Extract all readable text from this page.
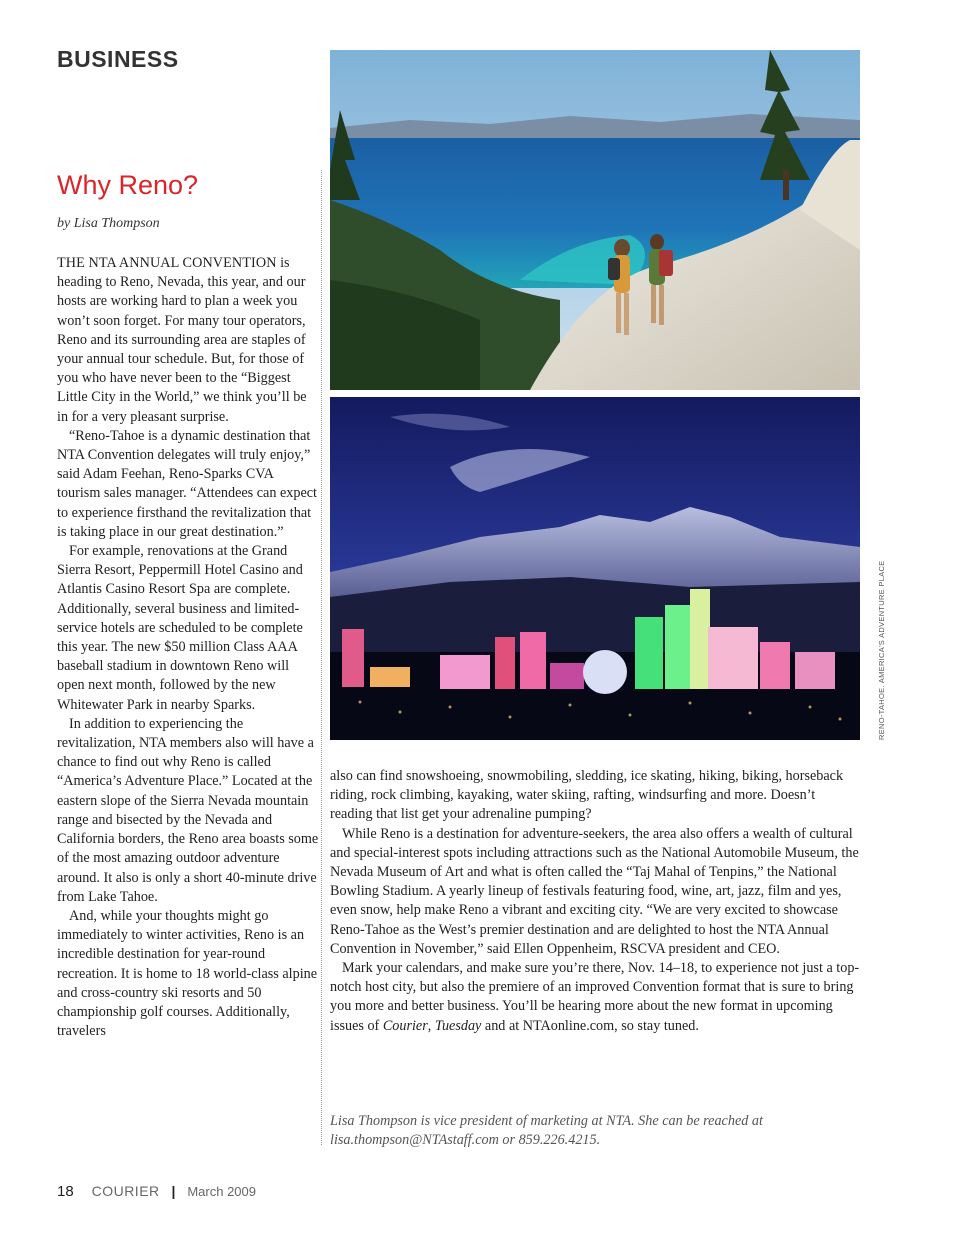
BUSINESS
Why Reno?
by Lisa Thompson

THE NTA ANNUAL CONVENTION is heading to Reno, Nevada, this year, and our hosts are working hard to plan a week you won’t soon forget. For many tour operators, Reno and its surrounding area are staples of your annual tour schedule. But, for those of you who have never been to the “Biggest Little City in the World,” we think you’ll be in for a very pleasant surprise.

“Reno-Tahoe is a dynamic destination that NTA Convention delegates will truly enjoy,” said Adam Feehan, Reno-Sparks CVA tourism sales manager. “Attendees can expect to experience firsthand the revitalization that is taking place in our great destination.”

For example, renovations at the Grand Sierra Resort, Peppermill Hotel Casino and Atlantis Casino Resort Spa are complete. Additionally, several business and limited-service hotels are scheduled to be complete this year. The new $50 million Class AAA baseball stadium in downtown Reno will open next month, followed by the new Whitewater Park in nearby Sparks.

In addition to experiencing the revitalization, NTA members also will have a chance to find out why Reno is called “America’s Adventure Place.” Located at the eastern slope of the Sierra Nevada mountain range and bisected by the Nevada and California borders, the Reno area boasts some of the most amazing outdoor adventure around. It also is only a short 40-minute drive from Lake Tahoe.

And, while your thoughts might go immediately to winter activities, Reno is an incredible destination for year-round recreation. It is home to 18 world-class alpine and cross-country ski resorts and 50 championship golf courses. Additionally, travelers

RENO-TAHOE. AMERICA'S ADVENTURE PLACE

also can find snowshoeing, snowmobiling, sledding, ice skating, hiking, biking, horseback riding, rock climbing, kayaking, water skiing, rafting, windsurfing and more. Doesn’t reading that list get your adrenaline pumping?

While Reno is a destination for adventure-seekers, the area also offers a wealth of cultural and special-interest spots including attractions such as the National Automobile Museum, the Nevada Museum of Art and what is often called the “Taj Mahal of Tenpins,” the National Bowling Stadium. A yearly lineup of festivals featuring food, wine, art, jazz, film and yes, even snow, help make Reno a vibrant and exciting city. “We are very excited to showcase Reno-Tahoe as the West’s premier destination and are delighted to host the NTA Annual Convention in November,” said Ellen Oppenheim, RSCVA president and CEO.

Mark your calendars, and make sure you’re there, Nov. 14–18, to experience not just a top-notch host city, but also the premiere of an improved Convention format that is sure to bring you more and better business. You’ll be hearing more about the new format in upcoming issues of Courier, Tuesday and at NTAonline.com, so stay tuned.

Lisa Thompson is vice president of marketing at NTA. She can be reached at lisa.thompson@NTAstaff.com or 859.226.4215.
18 COURIER | March 2009
